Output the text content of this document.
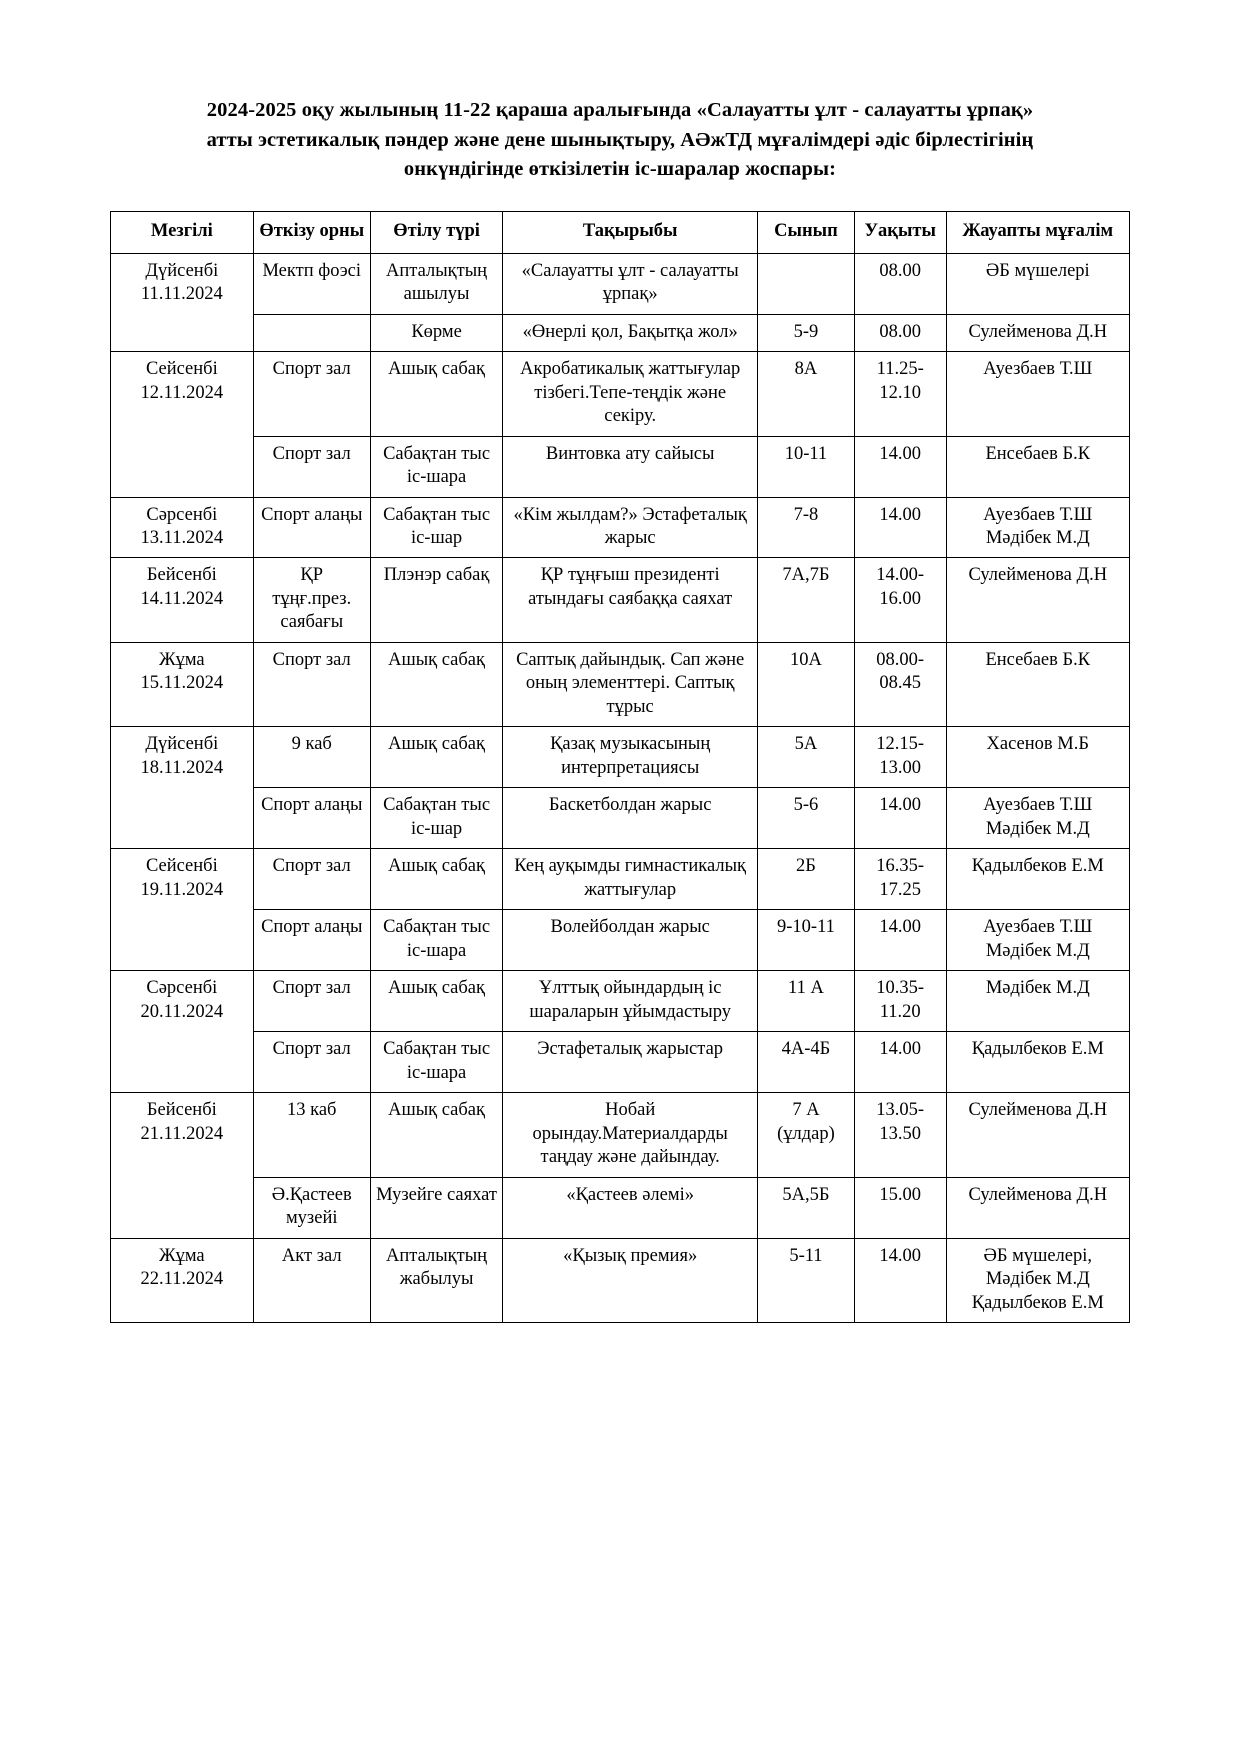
2024-2025 оқу жылының 11-22 қараша аралығында «Салауатты ұлт - салауатты ұрпақ»
атты эстетикалық пәндер және дене шынықтыру, АӘжТД мұғалімдері әдіс бірлестігінің
онкүндігінде өткізілетін іс-шаралар жоспары:
Мезгілі	Өткізу орны	Өтілу түрі	Тақырыбы	Сынып	Уақыты	Жауапты мұғалім
Дүйсенбі 11.11.2024	Мектп фоэсі	Апталықтың ашылуы	«Салауатты ұлт - салауатты ұрпақ»		08.00	ӘБ мүшелері
		Көрме	«Өнерлі қол, Бақытқа жол»	5-9	08.00	Сулейменова Д.Н
Сейсенбі 12.11.2024	Спорт зал	Ашық сабақ	Акробатикалық жаттығулар тізбегі.Тепе-теңдік және секіру.	8А	11.25-12.10	Ауезбаев Т.Ш
	Спорт зал	Сабақтан тыс іс-шара	Винтовка ату сайысы	10-11	14.00	Енсебаев Б.К
Сәрсенбі 13.11.2024	Спорт алаңы	Сабақтан тыс іс-шар	«Кім жылдам?» Эстафеталық жарыс	7-8	14.00	Ауезбаев Т.Ш Мәдібек М.Д
Бейсенбі 14.11.2024	ҚР тұңғ.през. саябағы	Плэнэр сабақ	ҚР тұңғыш президенті атындағы саябаққа саяхат	7А,7Б	14.00-16.00	Сулейменова Д.Н
Жұма 15.11.2024	Спорт зал	Ашық сабақ	Саптық дайындық. Сап және оның элементтері. Саптық тұрыс	10А	08.00-08.45	Енсебаев Б.К
Дүйсенбі 18.11.2024	9 каб	Ашық сабақ	Қазақ музыкасының интерпретациясы	5А	12.15-13.00	Хасенов М.Б
	Спорт алаңы	Сабақтан тыс іс-шар	Баскетболдан жарыс	5-6	14.00	Ауезбаев Т.Ш Мәдібек М.Д
Сейсенбі 19.11.2024	Спорт зал	Ашық сабақ	Кең ауқымды гимнастикалық жаттығулар	2Б	16.35-17.25	Қадылбеков Е.М
	Спорт алаңы	Сабақтан тыс іс-шара	Волейболдан жарыс	9-10-11	14.00	Ауезбаев Т.Ш Мәдібек М.Д
Сәрсенбі 20.11.2024	Спорт зал	Ашық сабақ	Ұлттық ойындардың іс шараларын ұйымдастыру	11 А	10.35-11.20	Мәдібек М.Д
	Спорт зал	Сабақтан тыс іс-шара	Эстафеталық жарыстар	4А-4Б	14.00	Қадылбеков Е.М
Бейсенбі 21.11.2024	13 каб	Ашық сабақ	Нобай орындау.Материалдарды таңдау және дайындау.	7 А (ұлдар)	13.05-13.50	Сулейменова Д.Н
	Ә.Қастеев музейі	Музейге саяхат	«Қастеев әлемі»	5А,5Б	15.00	Сулейменова Д.Н
Жұма 22.11.2024	Акт зал	Апталықтың жабылуы	«Қызық премия»	5-11	14.00	ӘБ мүшелері, Мәдібек М.Д Қадылбеков Е.М
